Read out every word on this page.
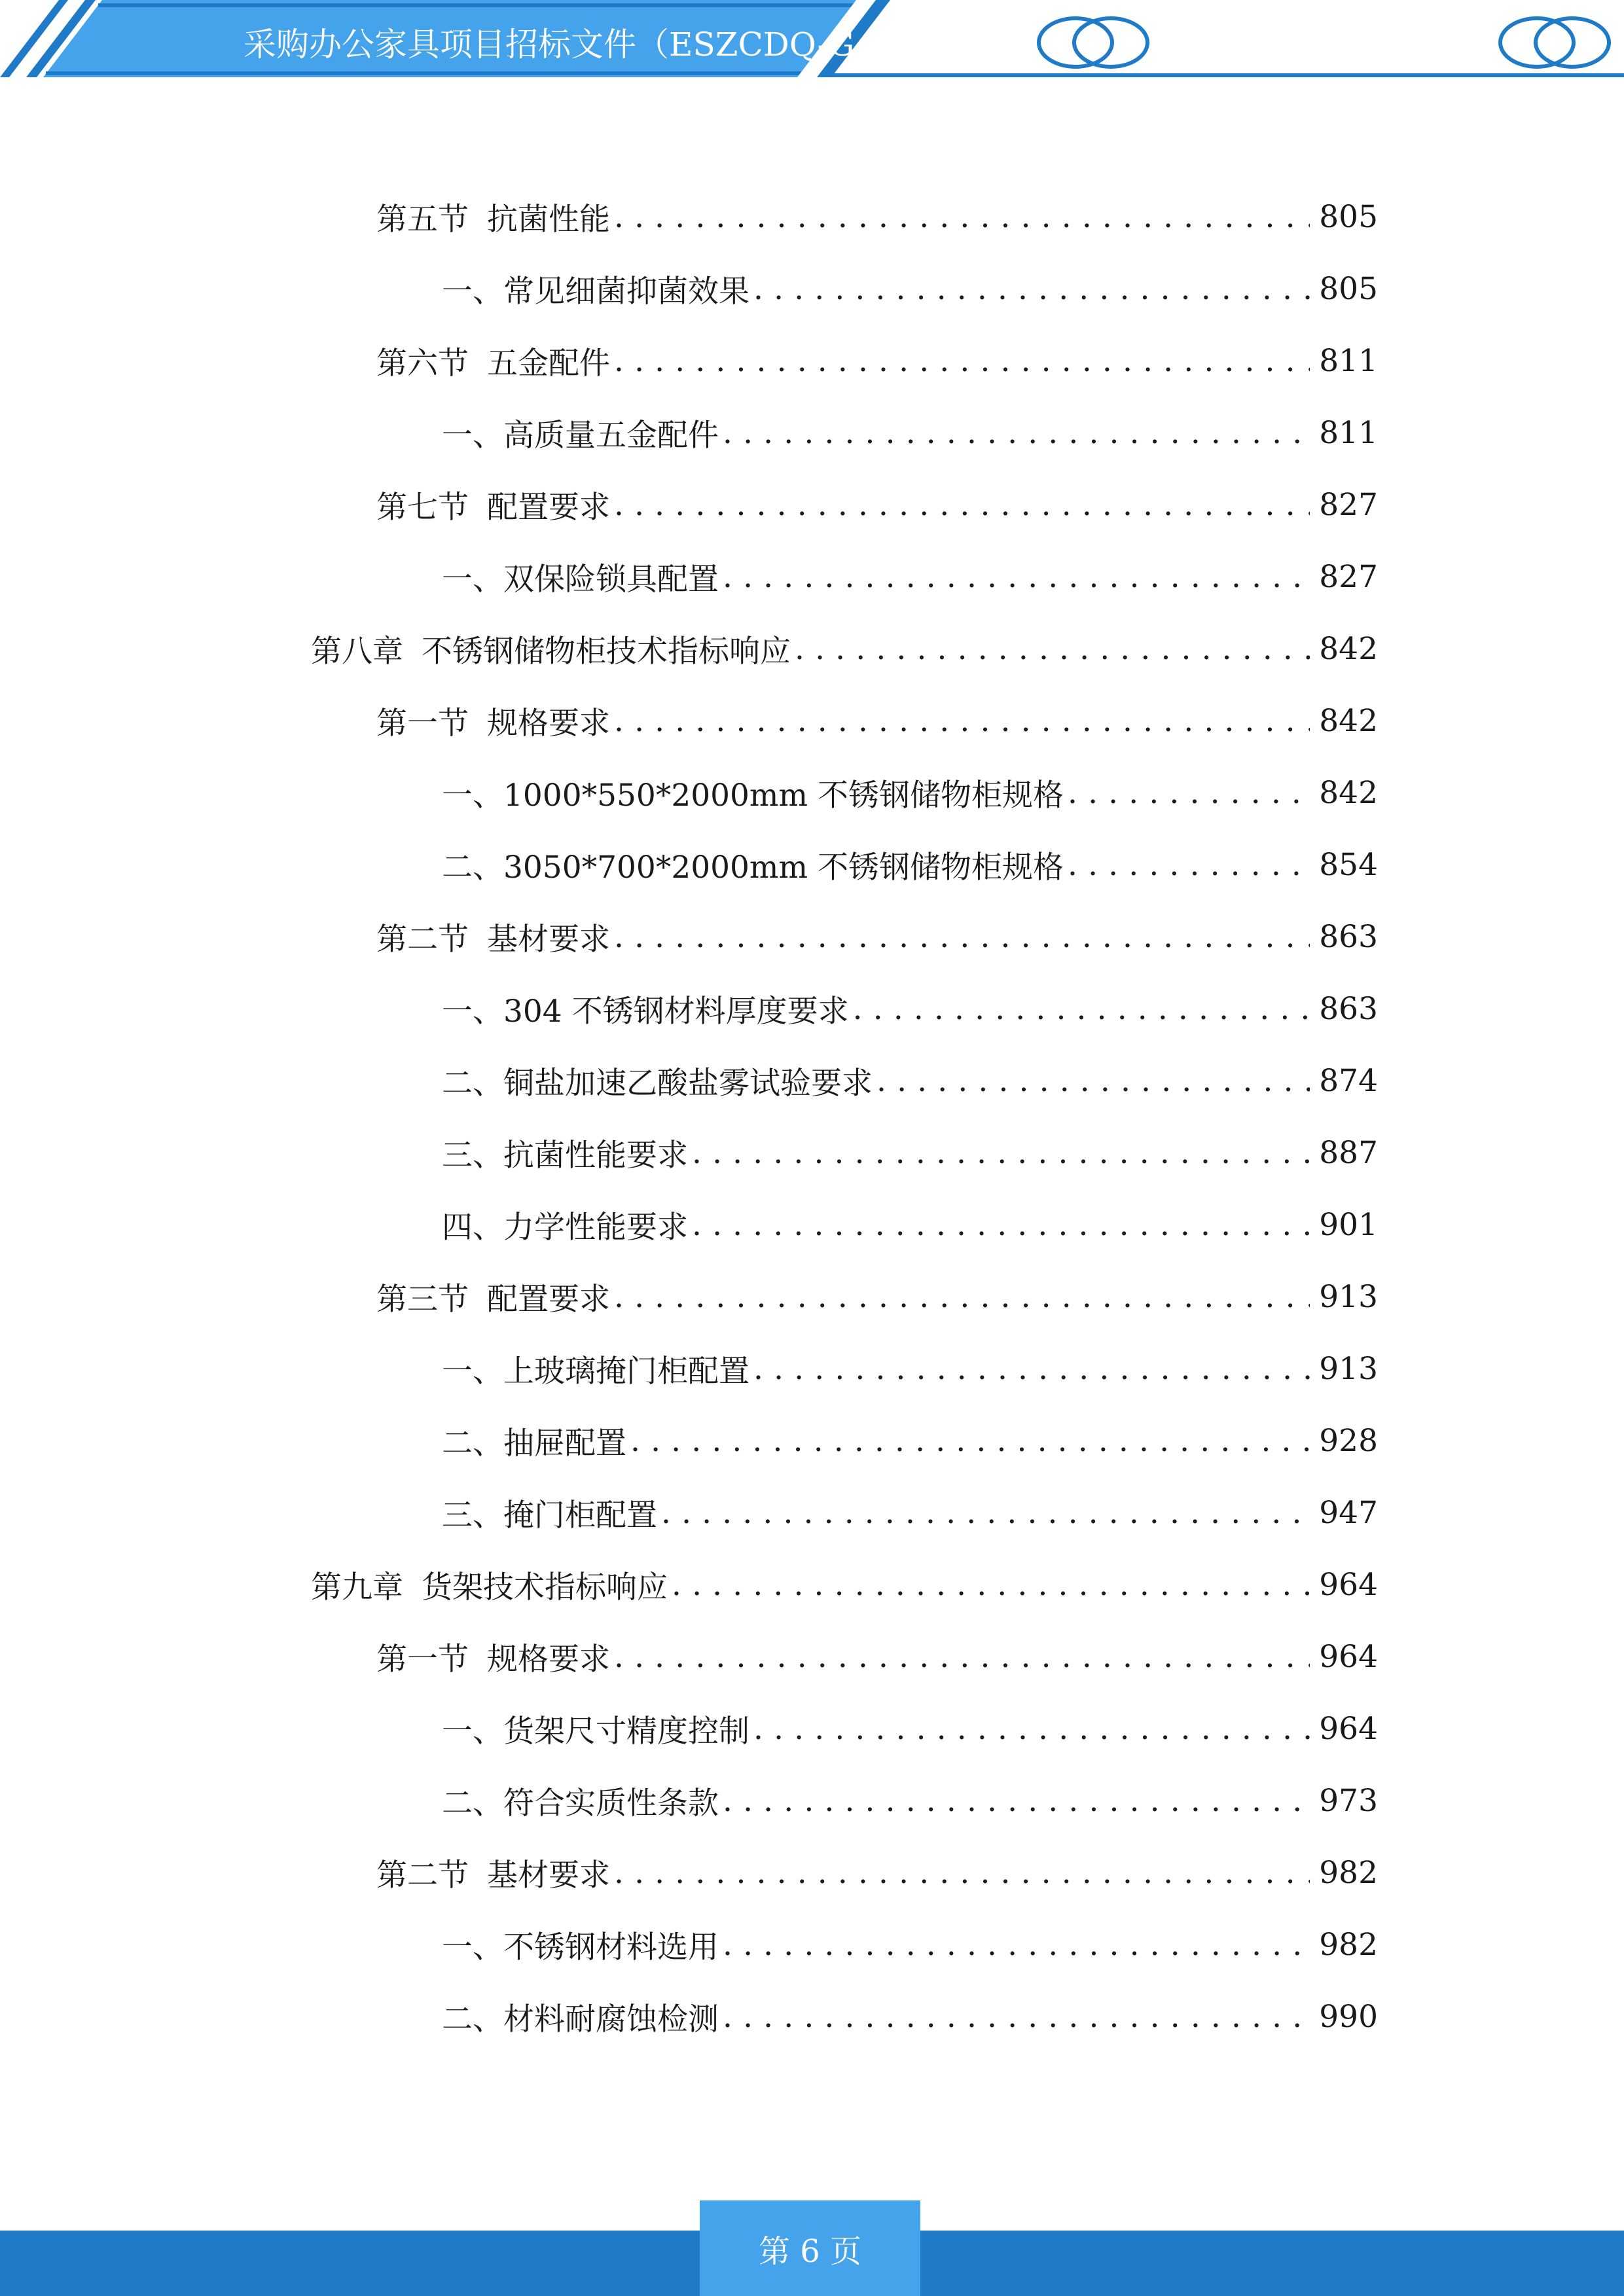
采购办公家具项目招标文件（ESZCDQ-G-H
第五节 抗菌性能 . . .	805
一、 常见细菌抑菌效果 . . .	805
第六节 五金配件 . . .	811
一、 高质量五金配件 . . .	811
第七节 配置要求 . . .	827
一、 双保险锁具配置 . . .	827
第八章 不锈钢储物柜技术指标响应 . . .	842
第一节 规格要求 . . .	842
一、 1000*550*2000mm 不锈钢储物柜规格 . . .	842
二、 3050*700*2000mm 不锈钢储物柜规格 . . .	854
第二节 基材要求 . . .	863
一、 304 不锈钢材料厚度要求 . . .	863
二、 铜盐加速乙酸盐雾试验要求 . . .	874
三、 抗菌性能要求 . . .	887
四、 力学性能要求 . . .	901
第三节 配置要求 . . .	913
一、 上玻璃掩门柜配置 . . .	913
二、 抽屉配置 . . .	928
三、 掩门柜配置 . . .	947
第九章 货架技术指标响应 . . .	964
第一节 规格要求 . . .	964
一、 货架尺寸精度控制 . . .	964
二、 符合实质性条款 . . .	973
第二节 基材要求 . . .	982
一、 不锈钢材料选用 . . .	982
二、 材料耐腐蚀检测 . . .	990
第 6 页
